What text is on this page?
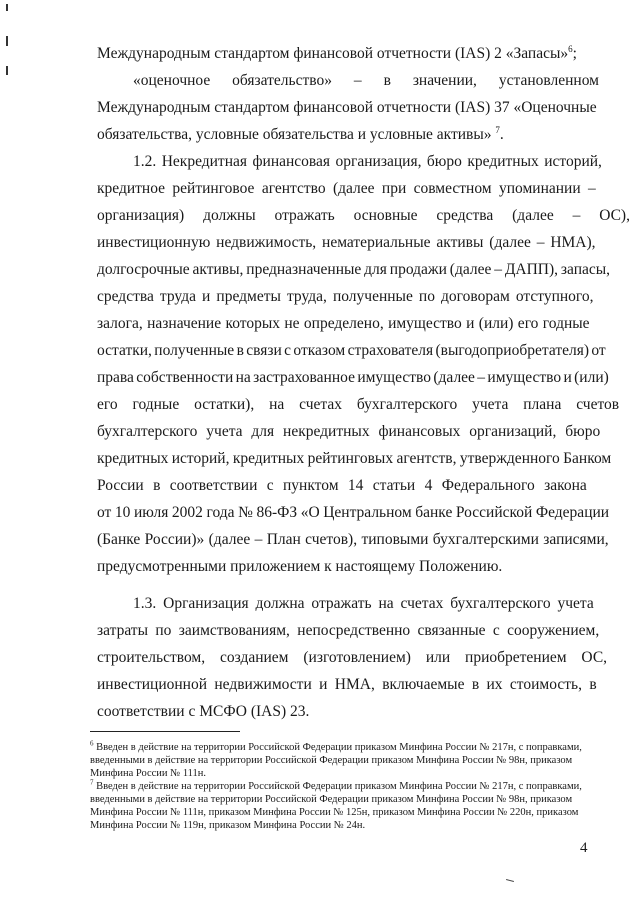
Международным стандартом финансовой отчетности (IAS) 2 «Запасы»$^6$;
«оценочное обязательство» – в значении, установленном
Международным стандартом финансовой отчетности (IAS) 37 «Оценочные
обязательства, условные обязательства и условные активы» $^7$.
1.2. Некредитная финансовая организация, бюро кредитных историй,
кредитное рейтинговое агентство (далее при совместном упоминании –
организация) должны отражать основные средства (далее – ОС),
инвестиционную недвижимость, нематериальные активы (далее – НМА),
долгосрочные активы, предназначенные для продажи (далее – ДАПП), запасы,
средства труда и предметы труда, полученные по договорам отступного,
залога, назначение которых не определено, имущество и (или) его годные
остатки, полученные в связи с отказом страхователя (выгодоприобретателя) от
права собственности на застрахованное имущество (далее – имущество и (или)
его годные остатки), на счетах бухгалтерского учета плана счетов
бухгалтерского учета для некредитных финансовых организаций, бюро
кредитных историй, кредитных рейтинговых агентств, утвержденного Банком
России в соответствии с пунктом 14 статьи 4 Федерального закона
от 10 июля 2002 года № 86-ФЗ «О Центральном банке Российской Федерации
(Банке России)» (далее – План счетов), типовыми бухгалтерскими записями,
предусмотренными приложением к настоящему Положению.
1.3. Организация должна отражать на счетах бухгалтерского учета
затраты по заимствованиям, непосредственно связанные с сооружением,
строительством, созданием (изготовлением) или приобретением ОС,
инвестиционной недвижимости и НМА, включаемые в их стоимость, в
соответствии с МСФО (IAS) 23.
$^6$ Введен в действие на территории Российской Федерации приказом Минфина России № 217н, с поправками,
введенными в действие на территории Российской Федерации приказом Минфина России № 98н, приказом
Минфина России № 111н.
$^7$ Введен в действие на территории Российской Федерации приказом Минфина России № 217н, с поправками,
введенными в действие на территории Российской Федерации приказом Минфина России № 98н, приказом
Минфина России № 111н, приказом Минфина России № 125н, приказом Минфина России № 220н, приказом
Минфина России № 119н, приказом Минфина России № 24н.
4
